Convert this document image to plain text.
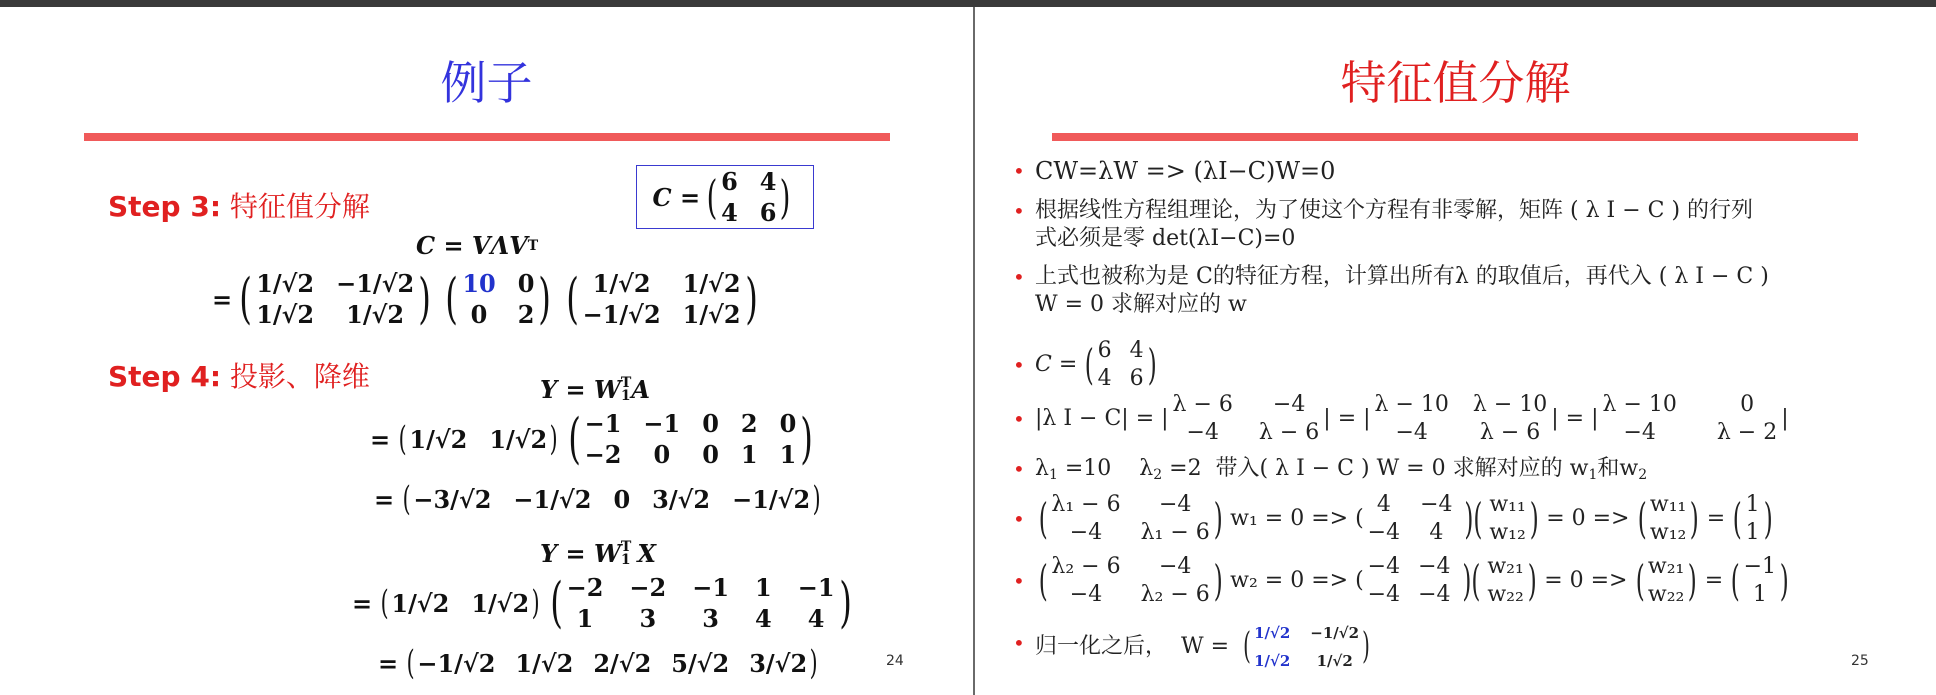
例子
C = ( 6 4
4 6 )
Step 3: 特征值分解
C = VΛV T
= ( 1/√2 −1/√2
1/√2 1/√2 ) ( 10 0
0 2 ) ( 1/√2 1/√2
−1/√2 1/√2 )
Step 4: 投影、降维	Y = W T
1 A
= ( 1/√2 1/√2 ) ( −1 −1 0 2 0
−2 0 0 1 1 )
= ( −3/√2 −1/√2 0 3/√2 −1/√2 )
Y = W T
1 X
= ( 1/√2 1/√2 ) ( −2 −2 −1 1 −1
1 3 3 4 4 )
= ( −1/√2 1/√2 2/√2 5/√2 3/√2 )	24
特征值分解
• CW=λW => (λI−C)W=0
• 根据线性方程组理论，为了使这个方程有非零解，矩阵 ( λ I − C ) 的行列
式必须是零 det(λI−C)=0
• 上式也被称为是 C的特征方程，计算出所有λ 的取值后，再代入 ( λ I − C )
W = 0 求解对应的 w
• C = ( 6 4
4 6 )
• |λ I − C| = |
λ − 6 −4
−4 λ − 6
| = |
λ − 10 λ − 10
−4 λ − 6
| = |
λ − 10	0
−4	λ − 2
|
• $\lambda_1 =10$    $\lambda_2 =2$  带入( λ I − C ) W = 0 求解对应的 $w_1$和$w_2$
• ( λ₁ − 6 −4
−4 λ₁ − 6 ) w₁ = 0 => (
4 −4
−4 4 )( w₁₁
w₁₂ ) = 0 => ( w₁₁
w₁₂ ) = ( 1
1 )
• ( λ₂ − 6 −4
−4 λ₂ − 6 ) w₂ = 0 => (
−4 −4
−4 −4 )( w₂₁
w₂₂ ) = 0 => ( w₂₁
w₂₂ ) = ( −1
1 )
• 归一化之后，  W = ( 1/√2 −1/√2
1/√2 1/√2 )	25
